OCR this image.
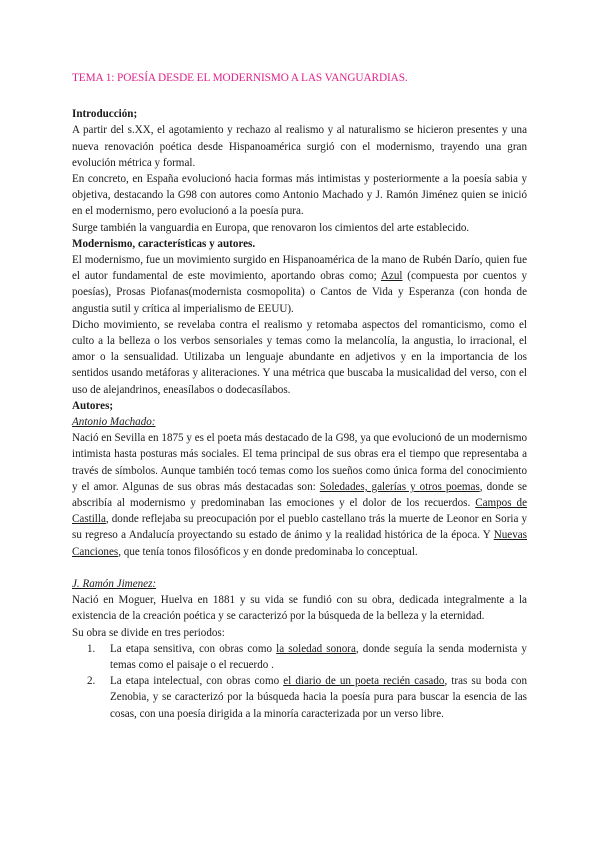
TEMA 1: POESÍA DESDE EL MODERNISMO A LAS VANGUARDIAS.

Introducción;

A partir del s.XX, el agotamiento y rechazo al realismo y al naturalismo se hicieron presentes y una nueva renovación poética desde Hispanoamérica surgió con el modernismo, trayendo una gran evolución métrica y formal.

En concreto, en España evolucionó hacia formas más intimistas y posteriormente a la poesía sabia y objetiva, destacando la G98 con autores como Antonio Machado y J. Ramón Jiménez quien se inició en el modernismo, pero evolucionó a la poesía pura.

Surge también la vanguardia en Europa, que renovaron los cimientos del arte establecido.

Modernismo, características y autores.

El modernismo, fue un movimiento surgido en Hispanoamérica de la mano de Rubén Darío, quien fue el autor fundamental de este movimiento, aportando obras como; Azul (compuesta por cuentos y poesías), Prosas Piofanas(modernista cosmopolita) o Cantos de Vida y Esperanza (con honda de angustia sutil y crítica al imperialismo de EEUU).

Dicho movimiento, se revelaba contra el realismo y retomaba aspectos del romanticismo, como el culto a la belleza o los verbos sensoriales y temas como la melancolía, la angustia, lo irracional, el amor o la sensualidad. Utilizaba un lenguaje abundante en adjetivos y en la importancia de los sentidos usando metáforas y aliteraciones. Y una métrica que buscaba la musicalidad del verso, con el uso de alejandrinos, eneasílabos o dodecasílabos.

Autores;

Antonio Machado:

Nació en Sevilla en 1875 y es el poeta más destacado de la G98, ya que evolucionó de un modernismo intimista hasta posturas más sociales. El tema principal de sus obras era el tiempo que representaba a través de símbolos. Aunque también tocó temas como los sueños como única forma del conocimiento y el amor. Algunas de sus obras más destacadas son: Soledades, galerías y otros poemas, donde se abscribía al modernismo y predominaban las emociones y el dolor de los recuerdos. Campos de Castilla, donde reflejaba su preocupación por el pueblo castellano trás la muerte de Leonor en Soria y su regreso a Andalucía proyectando su estado de ánimo y la realidad histórica de la época. Y Nuevas Canciones, que tenía tonos filosóficos y en donde predominaba lo conceptual.

J. Ramón Jimenez:

Nació en Moguer, Huelva en 1881 y su vida se fundió con su obra, dedicada integralmente a la existencia de la creación poética y se caracterizó por la búsqueda de la belleza y la eternidad.

Su obra se divide en tres periodos:

1. La etapa sensitiva, con obras como la soledad sonora, donde seguía la senda modernista y temas como el paisaje o el recuerdo .
2. La etapa intelectual, con obras como el diario de un poeta recién casado, tras su boda con Zenobia, y se caracterizó por la búsqueda hacia la poesía pura para buscar la esencia de las cosas, con una poesía dirigida a la minoría caracterizada por un verso libre.
